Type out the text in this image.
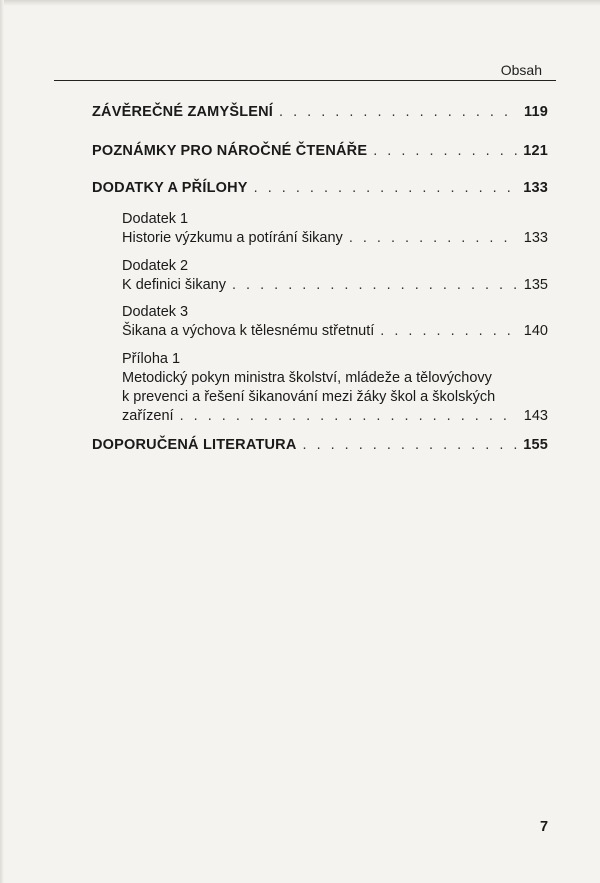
Obsah
ZÁVĚREČNÉ ZAMYŠLENÍ . . .	119
POZNÁMKY PRO NÁROČNÉ ČTENÁŘE . . .	121
DODATKY A PŘÍLOHY . . .	133
Dodatek 1
Historie výzkumu a potírání šikany . . .	133
Dodatek 2
K definici šikany . . .	135
Dodatek 3
Šikana a výchova k tělesnému střetnutí . . .	140
Příloha 1
Metodický pokyn ministra školství, mládeže a tělovýchovy
k prevenci a řešení šikanování mezi žáky škol a školských
zařízení . . .	143
DOPORUČENÁ LITERATURA . . .	155
7
